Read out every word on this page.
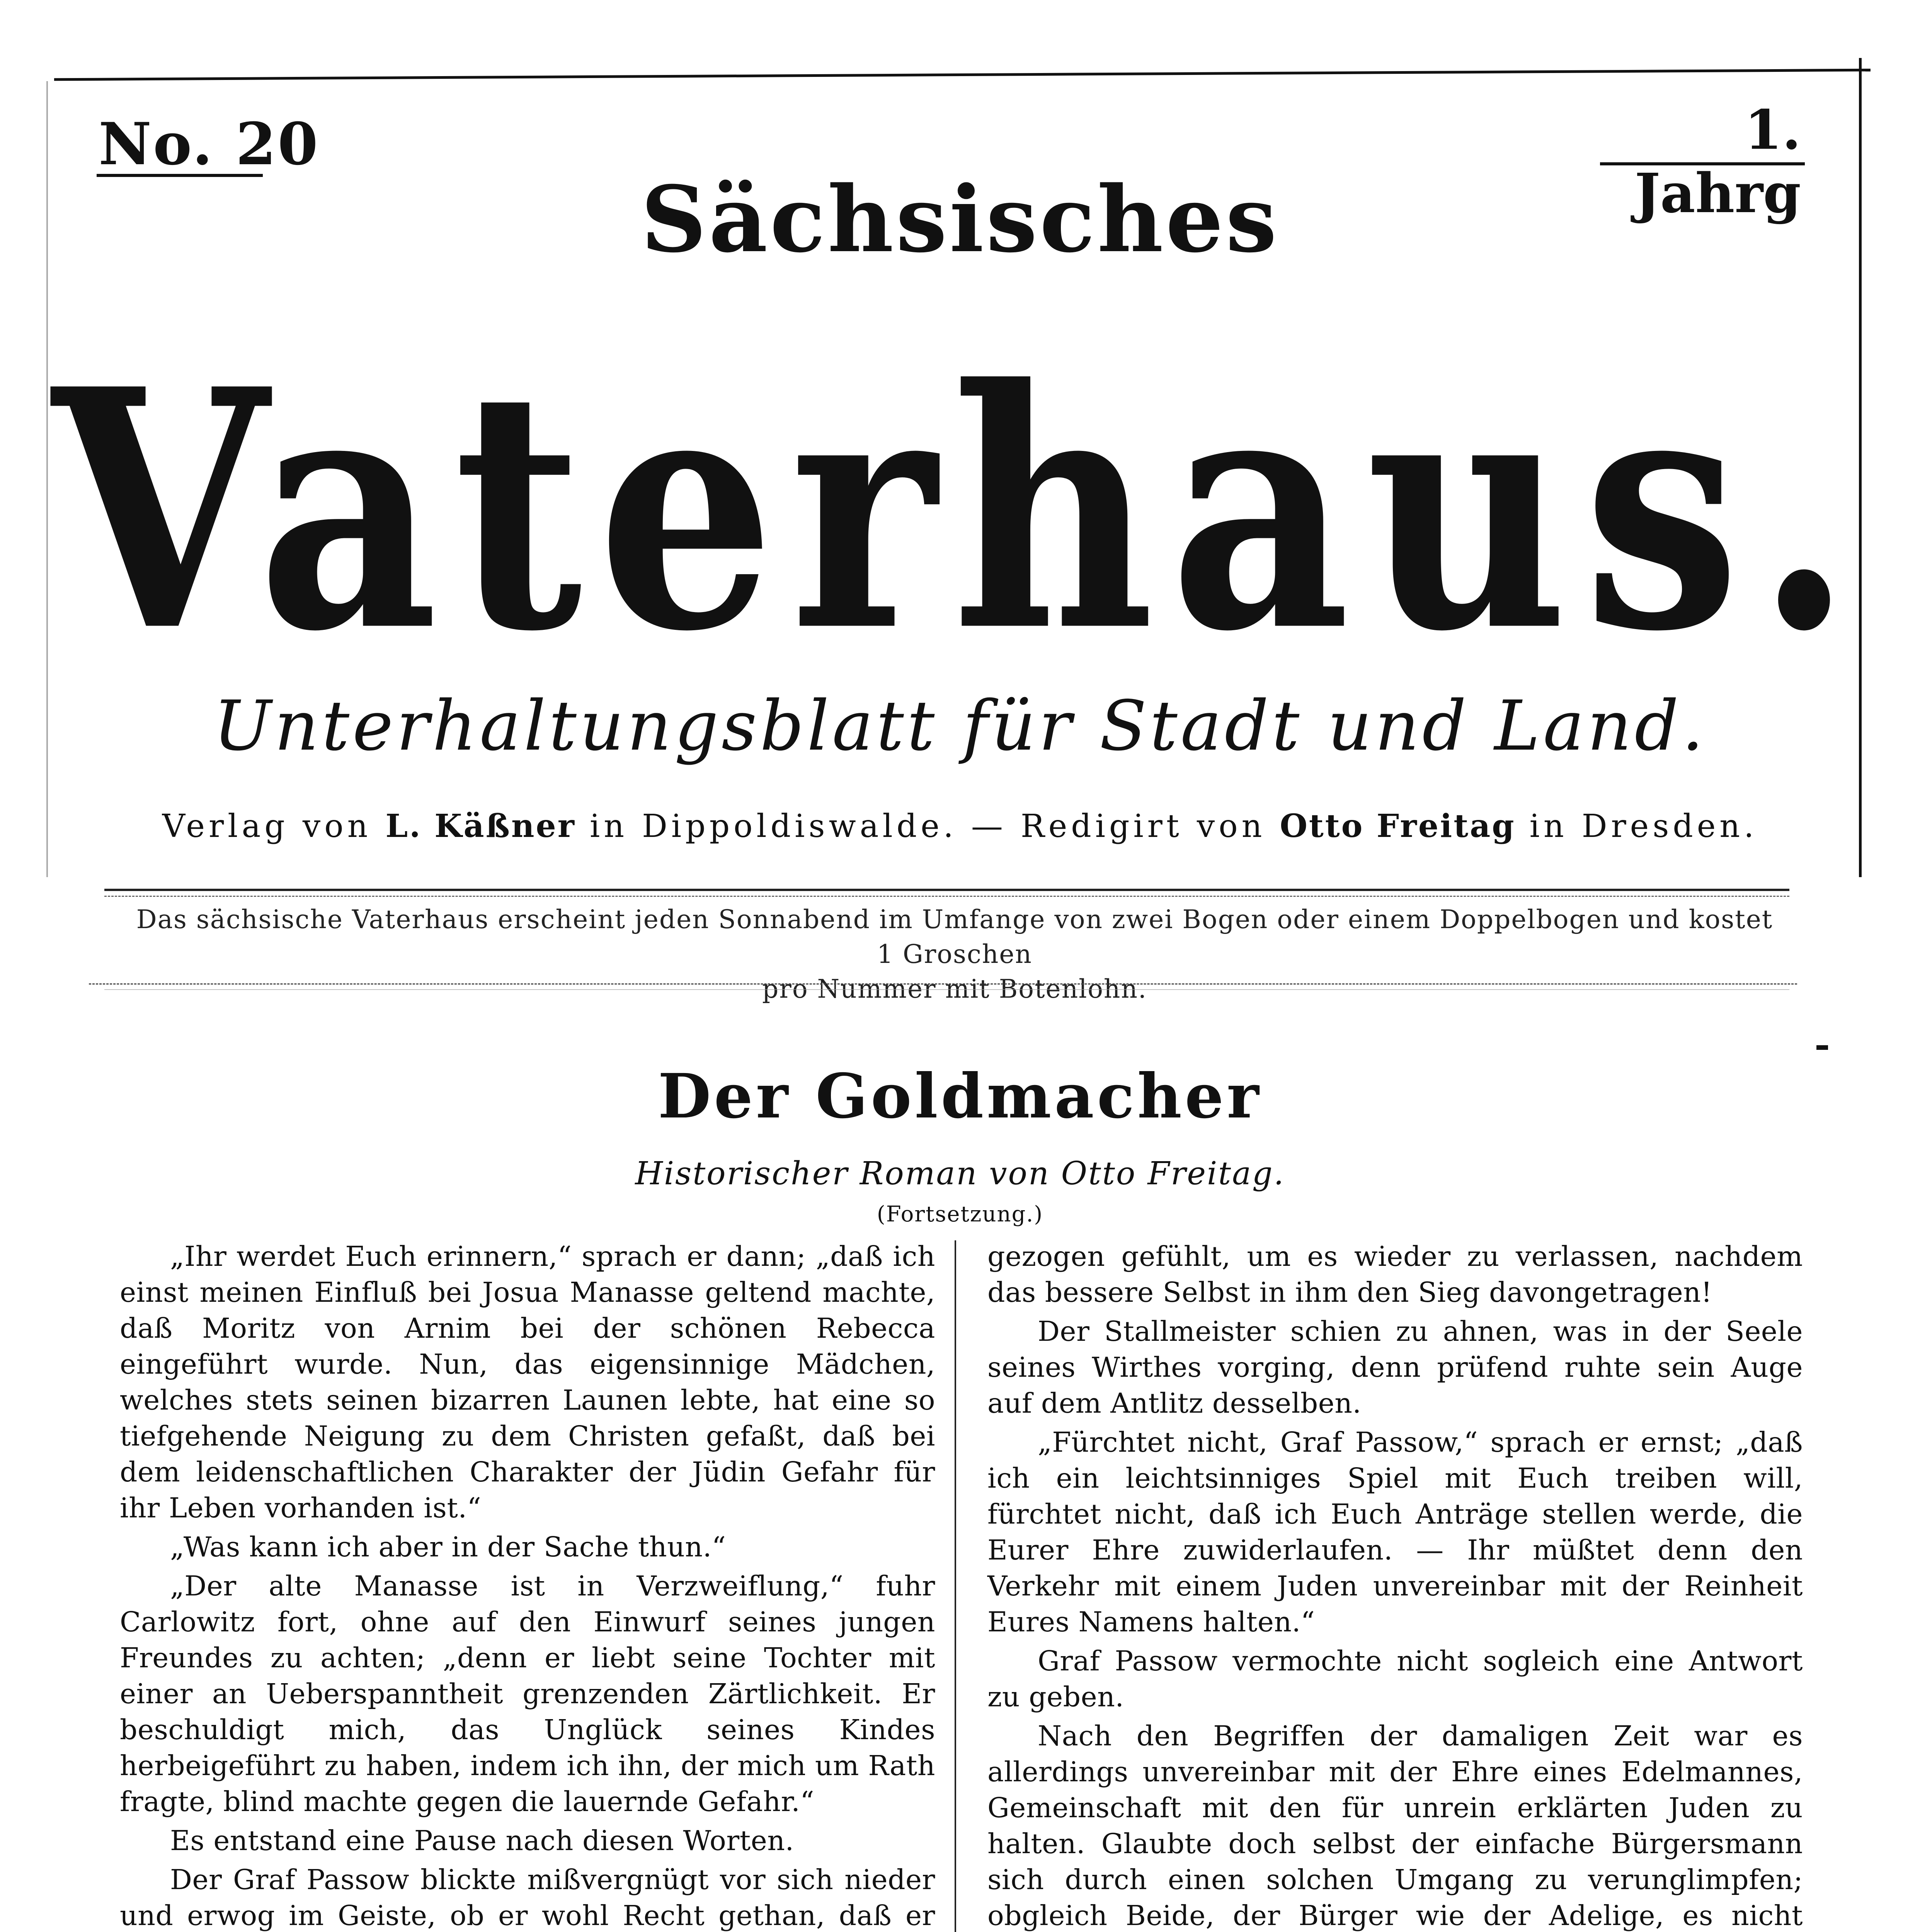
No. 20	1. Jahrg
Sächsisches
Vaterhaus.
Unterhaltungsblatt für Stadt und Land.
Verlag von L. Käßner in Dippoldiswalde. — Redigirt von Otto Freitag in Dresden.
Das sächsische Vaterhaus erscheint jeden Sonnabend im Umfange von zwei Bogen oder einem Doppelbogen und kostet 1 Groschen
pro Nummer mit Botenlohn.
Der Goldmacher
Historischer Roman von Otto Freitag.
(Fortsetzung.)

„Ihr werdet Euch erinnern,“ sprach er dann; „daß ich einst meinen Einfluß bei Josua Manasse geltend machte, daß Moritz von Arnim bei der schönen Rebecca eingeführt wurde. Nun, das eigensinnige Mädchen, welches stets seinen bizarren Launen lebte, hat eine so tiefgehende Neigung zu dem Christen gefaßt, daß bei dem leidenschaftlichen Charakter der Jüdin Gefahr für ihr Leben vorhanden ist.“

„Was kann ich aber in der Sache thun.“

„Der alte Manasse ist in Verzweiflung,“ fuhr Carlowitz fort, ohne auf den Einwurf seines jungen Freundes zu achten; „denn er liebt seine Tochter mit einer an Ueberspanntheit grenzenden Zärtlichkeit. Er beschuldigt mich, das Unglück seines Kindes herbeigeführt zu haben, indem ich ihn, der mich um Rath fragte, blind machte gegen die lauernde Gefahr.“

Es entstand eine Pause nach diesen Worten.

Der Graf Passow blickte mißvergnügt vor sich nieder und erwog im Geiste, ob er wohl Recht gethan, daß er

gezogen gefühlt, um es wieder zu verlassen, nachdem das bessere Selbst in ihm den Sieg davongetragen!

Der Stallmeister schien zu ahnen, was in der Seele seines Wirthes vorging, denn prüfend ruhte sein Auge auf dem Antlitz desselben.

„Fürchtet nicht, Graf Passow,“ sprach er ernst; „daß ich ein leichtsinniges Spiel mit Euch treiben will, fürchtet nicht, daß ich Euch Anträge stellen werde, die Eurer Ehre zuwiderlaufen. — Ihr müßtet denn den Verkehr mit einem Juden unvereinbar mit der Reinheit Eures Namens halten.“

Graf Passow vermochte nicht sogleich eine Antwort zu geben.

Nach den Begriffen der damaligen Zeit war es allerdings unvereinbar mit der Ehre eines Edelmannes, Gemeinschaft mit den für unrein erklärten Juden zu halten. Glaubte doch selbst der einfache Bürgersmann sich durch einen solchen Umgang zu verunglimpfen; obgleich Beide, der Bürger wie der Adelige, es nicht
